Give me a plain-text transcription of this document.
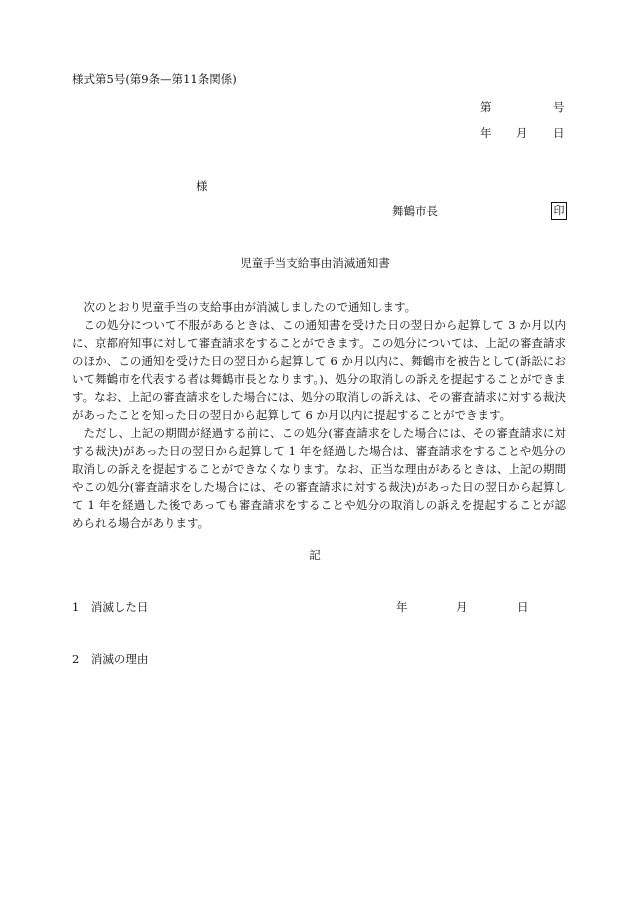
様式第5号(第9条—第11条関係)
第	号
年 月 日
様
舞鶴市長	印
児童手当支給事由消滅通知書

次のとおり児童手当の支給事由が消滅しましたので通知します。

この処分について不服があるときは、この通知書を受けた日の翌日から起算して 3 か月以内に、京都府知事に対して審査請求をすることができます。この処分については、上記の審査請求のほか、この通知を受けた日の翌日から起算して 6 か月以内に、舞鶴市を被告として(訴訟において舞鶴市を代表する者は舞鶴市長となります。)、処分の取消しの訴えを提起することができます。なお、上記の審査請求をした場合には、処分の取消しの訴えは、その審査請求に対する裁決があったことを知った日の翌日から起算して 6 か月以内に提起することができます。

ただし、上記の期間が経過する前に、この処分(審査請求をした場合には、その審査請求に対する裁決)があった日の翌日から起算して 1 年を経過した場合は、審査請求をすることや処分の取消しの訴えを提起することができなくなります。なお、正当な理由があるときは、上記の期間やこの処分(審査請求をした場合には、その審査請求に対する裁決)があった日の翌日から起算して 1 年を経過した後であっても審査請求をすることや処分の取消しの訴えを提起することが認められる場合があります。

記
1　消滅した日	年	月	日
2　消滅の理由
